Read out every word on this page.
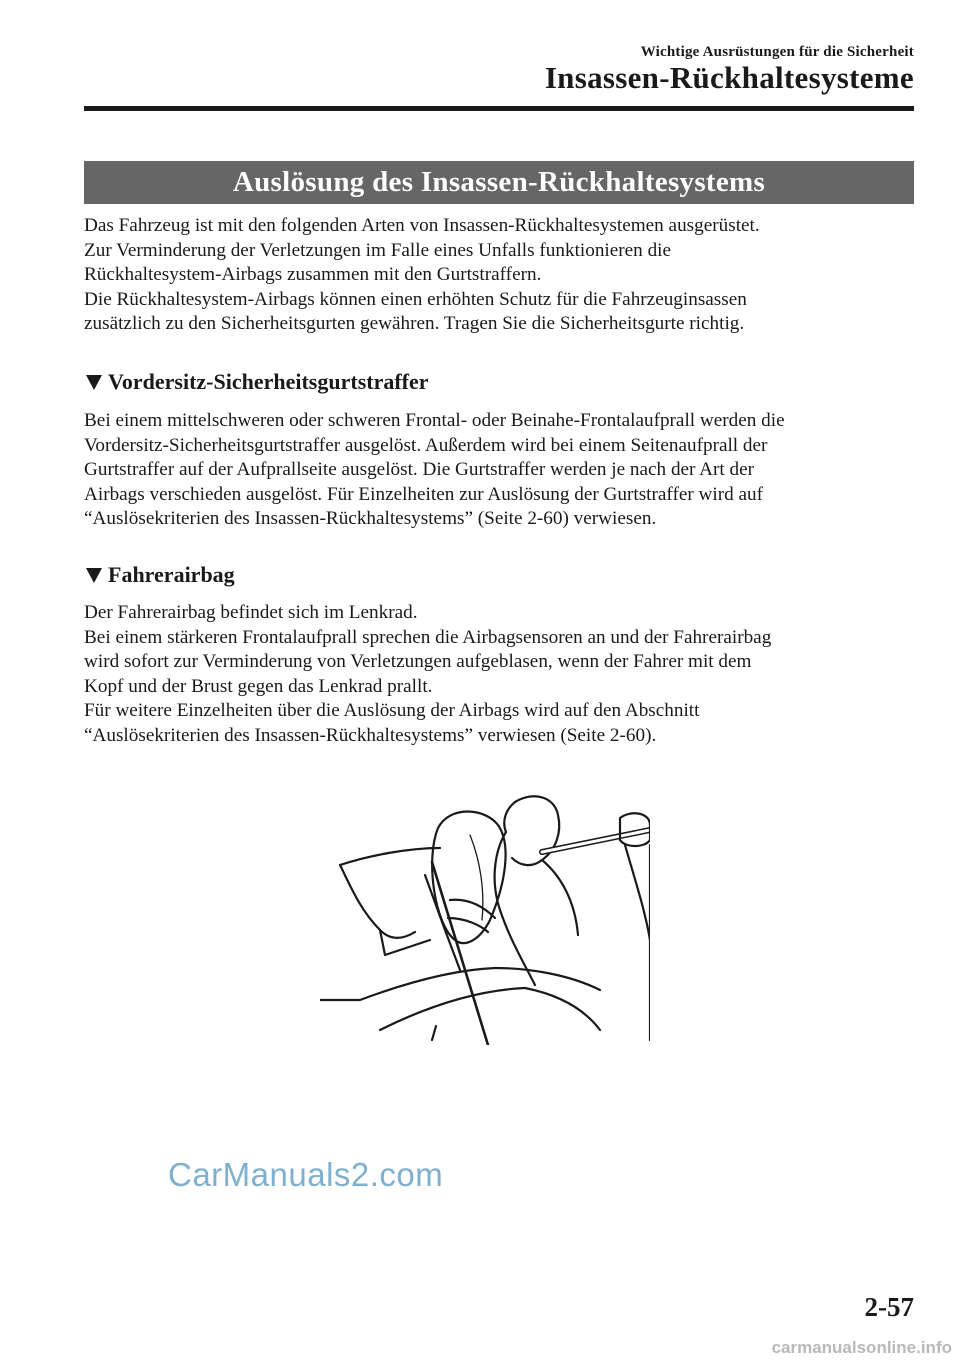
Wichtige Ausrüstungen für die Sicherheit
Insassen-Rückhaltesysteme
Auslösung des Insassen-Rückhaltesystems
Das Fahrzeug ist mit den folgenden Arten von Insassen-Rückhaltesystemen ausgerüstet.
Zur Verminderung der Verletzungen im Falle eines Unfalls funktionieren die
Rückhaltesystem-Airbags zusammen mit den Gurtstraffern.
Die Rückhaltesystem-Airbags können einen erhöhten Schutz für die Fahrzeuginsassen
zusätzlich zu den Sicherheitsgurten gewähren. Tragen Sie die Sicherheitsgurte richtig.
Vordersitz-Sicherheitsgurtstraffer
Bei einem mittelschweren oder schweren Frontal- oder Beinahe-Frontalaufprall werden die
Vordersitz-Sicherheitsgurtstraffer ausgelöst. Außerdem wird bei einem Seitenaufprall der
Gurtstraffer auf der Aufprallseite ausgelöst. Die Gurtstraffer werden je nach der Art der
Airbags verschieden ausgelöst. Für Einzelheiten zur Auslösung der Gurtstraffer wird auf
“Auslösekriterien des Insassen-Rückhaltesystems” (Seite 2-60) verwiesen.
Fahrerairbag
Der Fahrerairbag befindet sich im Lenkrad.
Bei einem stärkeren Frontalaufprall sprechen die Airbagsensoren an und der Fahrerairbag
wird sofort zur Verminderung von Verletzungen aufgeblasen, wenn der Fahrer mit dem
Kopf und der Brust gegen das Lenkrad prallt.
Für weitere Einzelheiten über die Auslösung der Airbags wird auf den Abschnitt
“Auslösekriterien des Insassen-Rückhaltesystems” verwiesen (Seite 2-60).
CarManuals2.com
2-57
carmanualsonline.info
